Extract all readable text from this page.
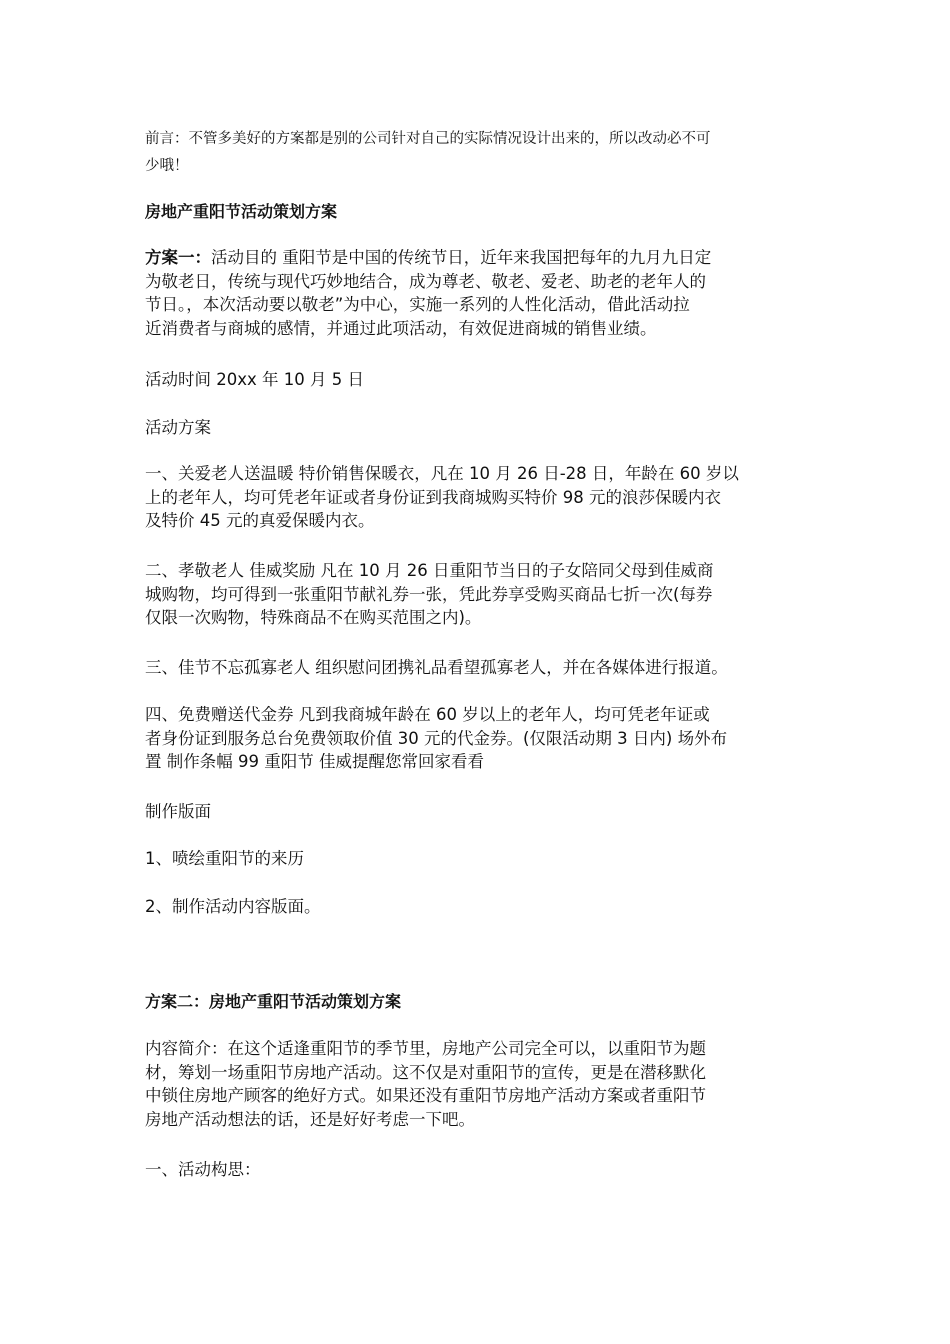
前言：不管多美好的方案都是别的公司针对自己的实际情况设计出来的，所以改动必不可
少哦！

房地产重阳节活动策划方案

方案一：活动目的 重阳节是中国的传统节日，近年来我国把每年的九月九日定
为敬老日，传统与现代巧妙地结合，成为尊老、敬老、爱老、助老的老年人的
节日。，本次活动要以敬老”为中心，实施一系列的人性化活动，借此活动拉
近消费者与商城的感情，并通过此项活动，有效促进商城的销售业绩。

活动时间 20xx 年 10 月 5 日

活动方案

一、关爱老人送温暖 特价销售保暖衣，凡在 10 月 26 日-28 日，年龄在 60 岁以
上的老年人，均可凭老年证或者身份证到我商城购买特价 98 元的浪莎保暖内衣
及特价 45 元的真爱保暖内衣。

二、孝敬老人 佳威奖励 凡在 10 月 26 日重阳节当日的子女陪同父母到佳威商
城购物，均可得到一张重阳节献礼券一张，凭此券享受购买商品七折一次(每券
仅限一次购物，特殊商品不在购买范围之内)。

三、佳节不忘孤寡老人 组织慰问团携礼品看望孤寡老人，并在各媒体进行报道。

四、免费赠送代金券 凡到我商城年龄在 60 岁以上的老年人，均可凭老年证或
者身份证到服务总台免费领取价值 30 元的代金券。(仅限活动期 3 日内) 场外布
置 制作条幅 99 重阳节 佳威提醒您常回家看看

制作版面

1、喷绘重阳节的来历

2、制作活动内容版面。

方案二：房地产重阳节活动策划方案

内容简介：在这个适逢重阳节的季节里，房地产公司完全可以，以重阳节为题
材，筹划一场重阳节房地产活动。这不仅是对重阳节的宣传，更是在潜移默化
中锁住房地产顾客的绝好方式。如果还没有重阳节房地产活动方案或者重阳节
房地产活动想法的话，还是好好考虑一下吧。

一、活动构思：
